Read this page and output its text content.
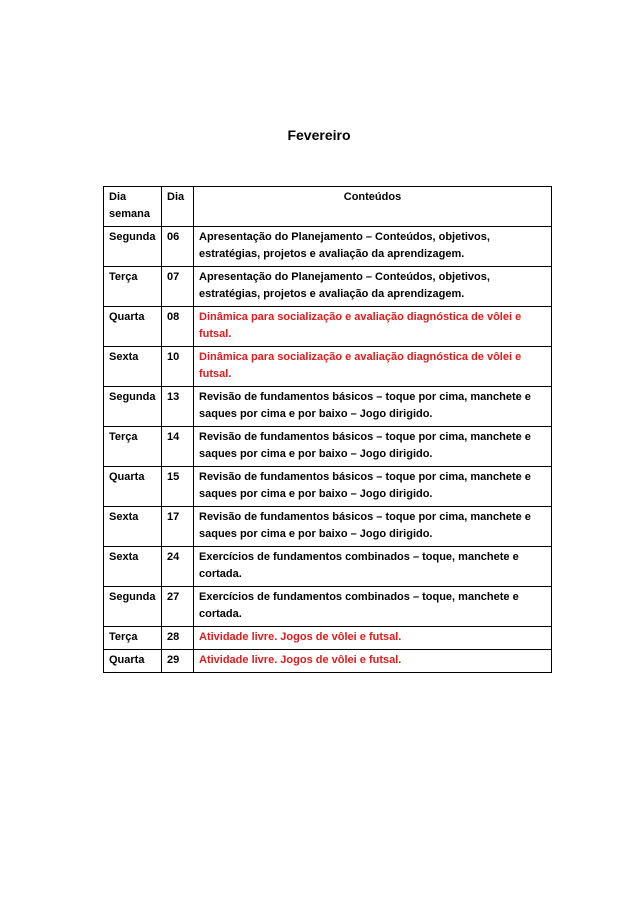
Fevereiro
Dia semana	Dia	Conteúdos
Segunda	06	Apresentação do Planejamento – Conteúdos, objetivos, estratégias, projetos e avaliação da aprendizagem.
Terça	07	Apresentação do Planejamento – Conteúdos, objetivos, estratégias, projetos e avaliação da aprendizagem.
Quarta	08	Dinâmica para socialização e avaliação diagnóstica de vôlei e futsal.
Sexta	10	Dinâmica para socialização e avaliação diagnóstica de vôlei e futsal.
Segunda	13	Revisão de fundamentos básicos – toque por cima, manchete e saques por cima e por baixo – Jogo dirigido.
Terça	14	Revisão de fundamentos básicos – toque por cima, manchete e saques por cima e por baixo – Jogo dirigido.
Quarta	15	Revisão de fundamentos básicos – toque por cima, manchete e saques por cima e por baixo – Jogo dirigido.
Sexta	17	Revisão de fundamentos básicos – toque por cima, manchete e saques por cima e por baixo – Jogo dirigido.
Sexta	24	Exercícios de fundamentos combinados – toque, manchete e cortada.
Segunda	27	Exercícios de fundamentos combinados – toque, manchete e cortada.
Terça	28	Atividade livre. Jogos de vôlei e futsal.
Quarta	29	Atividade livre. Jogos de vôlei e futsal.
